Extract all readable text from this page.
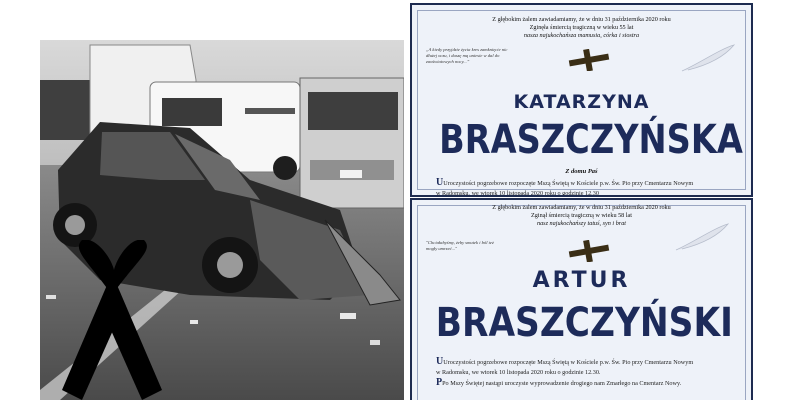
Z głębokim żalem zawiadamiamy, że w dniu 31 października 2020 roku
Zginęła śmiercią tragiczną w wieku 55 lat
nasza najukochańsza mamusia, córka i siostra
„A kiedy przyjdzie życia kres zamknięcie nic dłużej oczu, i duszę mą uniesie w dal do zaoświatowych nocy...”
KATARZYNA
BRASZCZYŃSKA
Z domu Paś
UUroczystości pogrzebowe rozpoczęte Mszą Świętą w Kościele p.w. Św. Pio przy Cmentarzu Nowym
w Radomsku, we wtorek 10 listopada 2020 roku o godzinie 12.30
Z głębokim żalem zawiadamiamy, że w dniu 31 października 2020 roku
Zginął śmiercią tragiczną w wieku 58 lat
nasz najukochańszy tatuś, syn i brat
"Chciałabyśmy, żeby smutek i ból też mogły umrzeć..."
ARTUR
BRASZCZYŃSKI
UUroczystości pogrzebowe rozpoczęte Mszą Świętą w Kościele p.w. Św. Pio przy Cmentarzu Nowym
w Radomsku, we wtorek 10 listopada 2020 roku o godzinie 12.30.
PPo Mszy Świętej nastąpi uroczyste wyprowadzenie drogiego nam Zmarłego na Cmentarz Nowy.
